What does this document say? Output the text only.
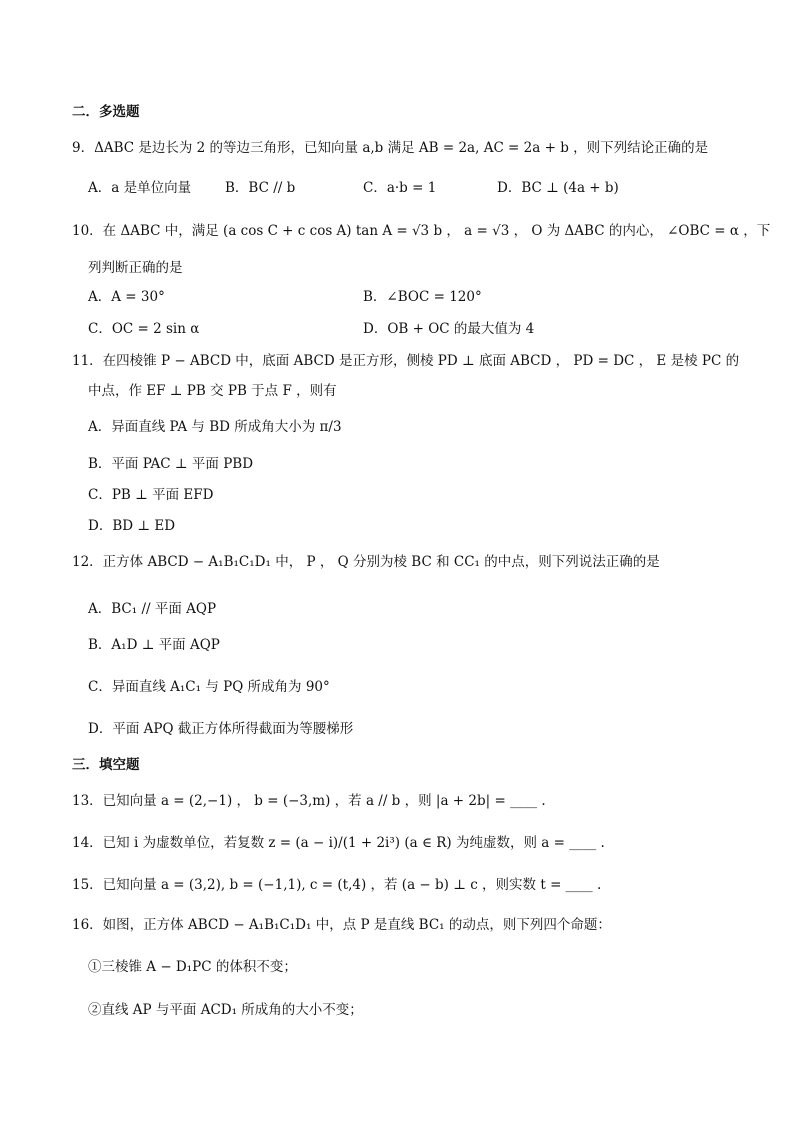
二．多选题
9．ΔABC 是边长为 2 的等边三角形，已知向量 a,b 满足 AB = 2a, AC = 2a + b ，则下列结论正确的是
A．a 是单位向量	B．BC // b	C．a·b = 1	D．BC ⊥ (4a + b)
10．在 ΔABC 中，满足 (a cos C + c cos A) tan A = √3 b ， a = √3 ， O 为 ΔABC 的内心， ∠OBC = α ，下
列判断正确的是
A．A = 30°	B．∠BOC = 120°
C．OC = 2 sin α	D．OB + OC 的最大值为 4
11．在四棱锥 P − ABCD 中，底面 ABCD 是正方形，侧棱 PD ⊥ 底面 ABCD ， PD = DC ， E 是棱 PC 的
中点，作 EF ⊥ PB 交 PB 于点 F ，则有
A．异面直线 PA 与 BD 所成角大小为 π/3
B．平面 PAC ⊥ 平面 PBD
C．PB ⊥ 平面 EFD
D．BD ⊥ ED
12．正方体 ABCD − A₁B₁C₁D₁ 中， P ， Q 分别为棱 BC 和 CC₁ 的中点，则下列说法正确的是
A．BC₁ // 平面 AQP
B．A₁D ⊥ 平面 AQP
C．异面直线 A₁C₁ 与 PQ 所成角为 90°
D．平面 APQ 截正方体所得截面为等腰梯形
三．填空题
13．已知向量 a = (2,−1) ， b = (−3,m) ，若 a // b ，则 |a + 2b| = ____ .
14．已知 i 为虚数单位，若复数 z = (a − i)/(1 + 2i³) (a ∈ R) 为纯虚数，则 a = ____ .
15．已知向量 a = (3,2), b = (−1,1), c = (t,4) ，若 (a − b) ⊥ c ，则实数 t = ____ .
16．如图，正方体 ABCD − A₁B₁C₁D₁ 中，点 P 是直线 BC₁ 的动点，则下列四个命题：
①三棱锥 A − D₁PC 的体积不变；
②直线 AP 与平面 ACD₁ 所成角的大小不变；
